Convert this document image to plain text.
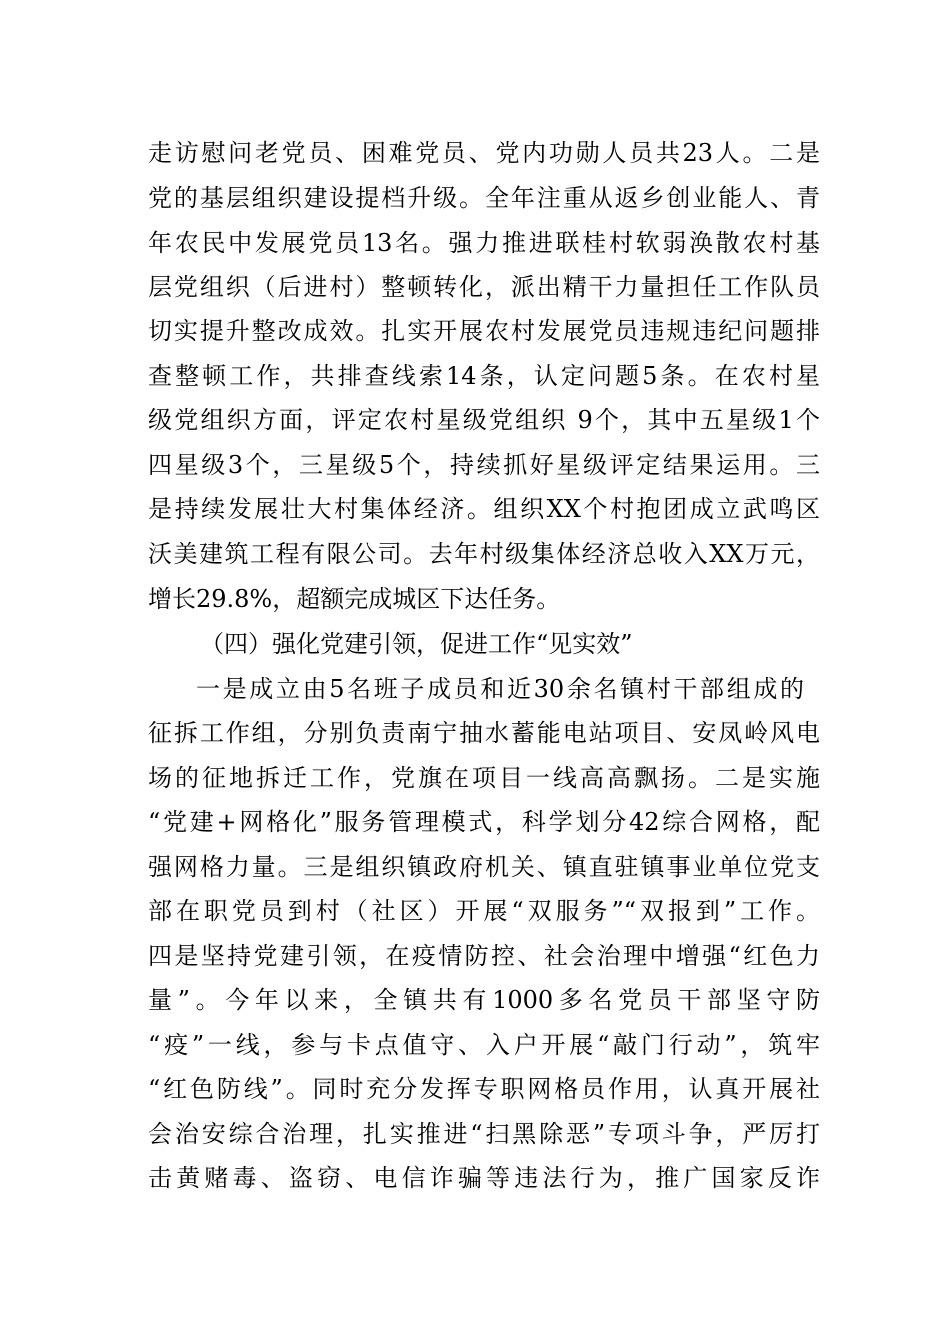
走访慰问老党员、困难党员、党内功勋人员共23人。二是
党的基层组织建设提档升级。全年注重从返乡创业能人、青
年农民中发展党员13名。强力推进联桂村软弱涣散农村基
层党组织（后进村）整顿转化，派出精干力量担任工作队员
切实提升整改成效。扎实开展农村发展党员违规违纪问题排
查整顿工作，共排查线索14条，认定问题5条。在农村星
级党组织方面，评定农村星级党组织 9个，其中五星级1个
四星级3个，三星级5个，持续抓好星级评定结果运用。三
是持续发展壮大村集体经济。组织XX个村抱团成立武鸣区
沃美建筑工程有限公司。去年村级集体经济总收入XX万元，
增长29.8%，超额完成城区下达任务。
（四）强化党建引领，促进工作“见实效”
一是成立由5名班子成员和近30余名镇村干部组成的
征拆工作组，分别负责南宁抽水蓄能电站项目、安凤岭风电
场的征地拆迁工作，党旗在项目一线高高飘扬。二是实施
“党建+网格化”服务管理模式，科学划分42综合网格，配
强网格力量。三是组织镇政府机关、镇直驻镇事业单位党支
部在职党员到村（社区）开展“双服务”“双报到”工作。
四是坚持党建引领，在疫情防控、社会治理中增强“红色力
量”。今年以来，全镇共有1000多名党员干部坚守防
“疫”一线，参与卡点值守、入户开展“敲门行动”，筑牢
“红色防线”。同时充分发挥专职网格员作用，认真开展社
会治安综合治理，扎实推进“扫黑除恶”专项斗争，严厉打
击黄赌毒、盗窃、电信诈骗等违法行为，推广国家反诈
